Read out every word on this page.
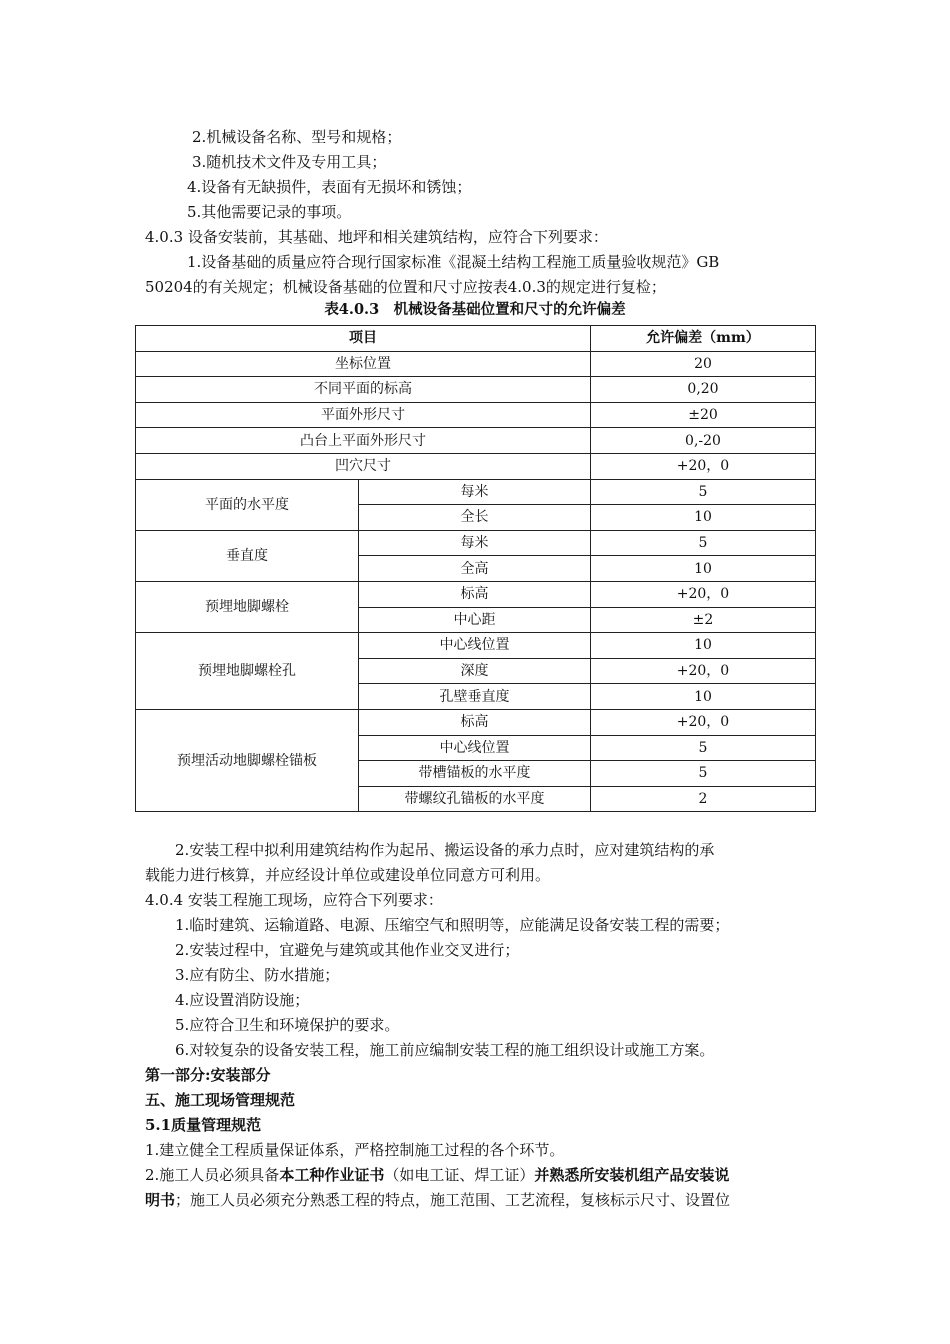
2.机械设备名称、型号和规格；
3.随机技术文件及专用工具；
4.设备有无缺损件，表面有无损坏和锈蚀；
5.其他需要记录的事项。
4.0.3 设备安装前，其基础、地坪和相关建筑结构，应符合下列要求：
1.设备基础的质量应符合现行国家标准《混凝土结构工程施工质量验收规范》GB
50204的有关规定；机械设备基础的位置和尺寸应按表4.0.3的规定进行复检；
表4.0.3　机械设备基础位置和尺寸的允许偏差
项目		允许偏差（mm）
坐标位置		20
不同平面的标高		0,20
平面外形尺寸		±20
凸台上平面外形尺寸		0,-20
凹穴尺寸		+20，0
平面的水平度	每米	5
	全长	10
垂直度	每米	5
	全高	10
预埋地脚螺栓	标高	+20，0
	中心距	±2
预埋地脚螺栓孔	中心线位置	10
	深度	+20，0
	孔壁垂直度	10
预埋活动地脚螺栓锚板	标高	+20，0
	中心线位置	5
	带槽锚板的水平度	5
	带螺纹孔锚板的水平度	2
2.安装工程中拟利用建筑结构作为起吊、搬运设备的承力点时，应对建筑结构的承
载能力进行核算，并应经设计单位或建设单位同意方可利用。
4.0.4 安装工程施工现场，应符合下列要求：
1.临时建筑、运输道路、电源、压缩空气和照明等，应能满足设备安装工程的需要；
2.安装过程中，宜避免与建筑或其他作业交叉进行；
3.应有防尘、防水措施；
4.应设置消防设施；
5.应符合卫生和环境保护的要求。
6.对较复杂的设备安装工程，施工前应编制安装工程的施工组织设计或施工方案。
第一部分:安装部分
五、施工现场管理规范
5.1质量管理规范
1.建立健全工程质量保证体系，严格控制施工过程的各个环节。
2.施工人员必须具备本工种作业证书（如电工证、焊工证）并熟悉所安装机组产品安装说
明书；施工人员必须充分熟悉工程的特点，施工范围、工艺流程，复核标示尺寸、设置位
